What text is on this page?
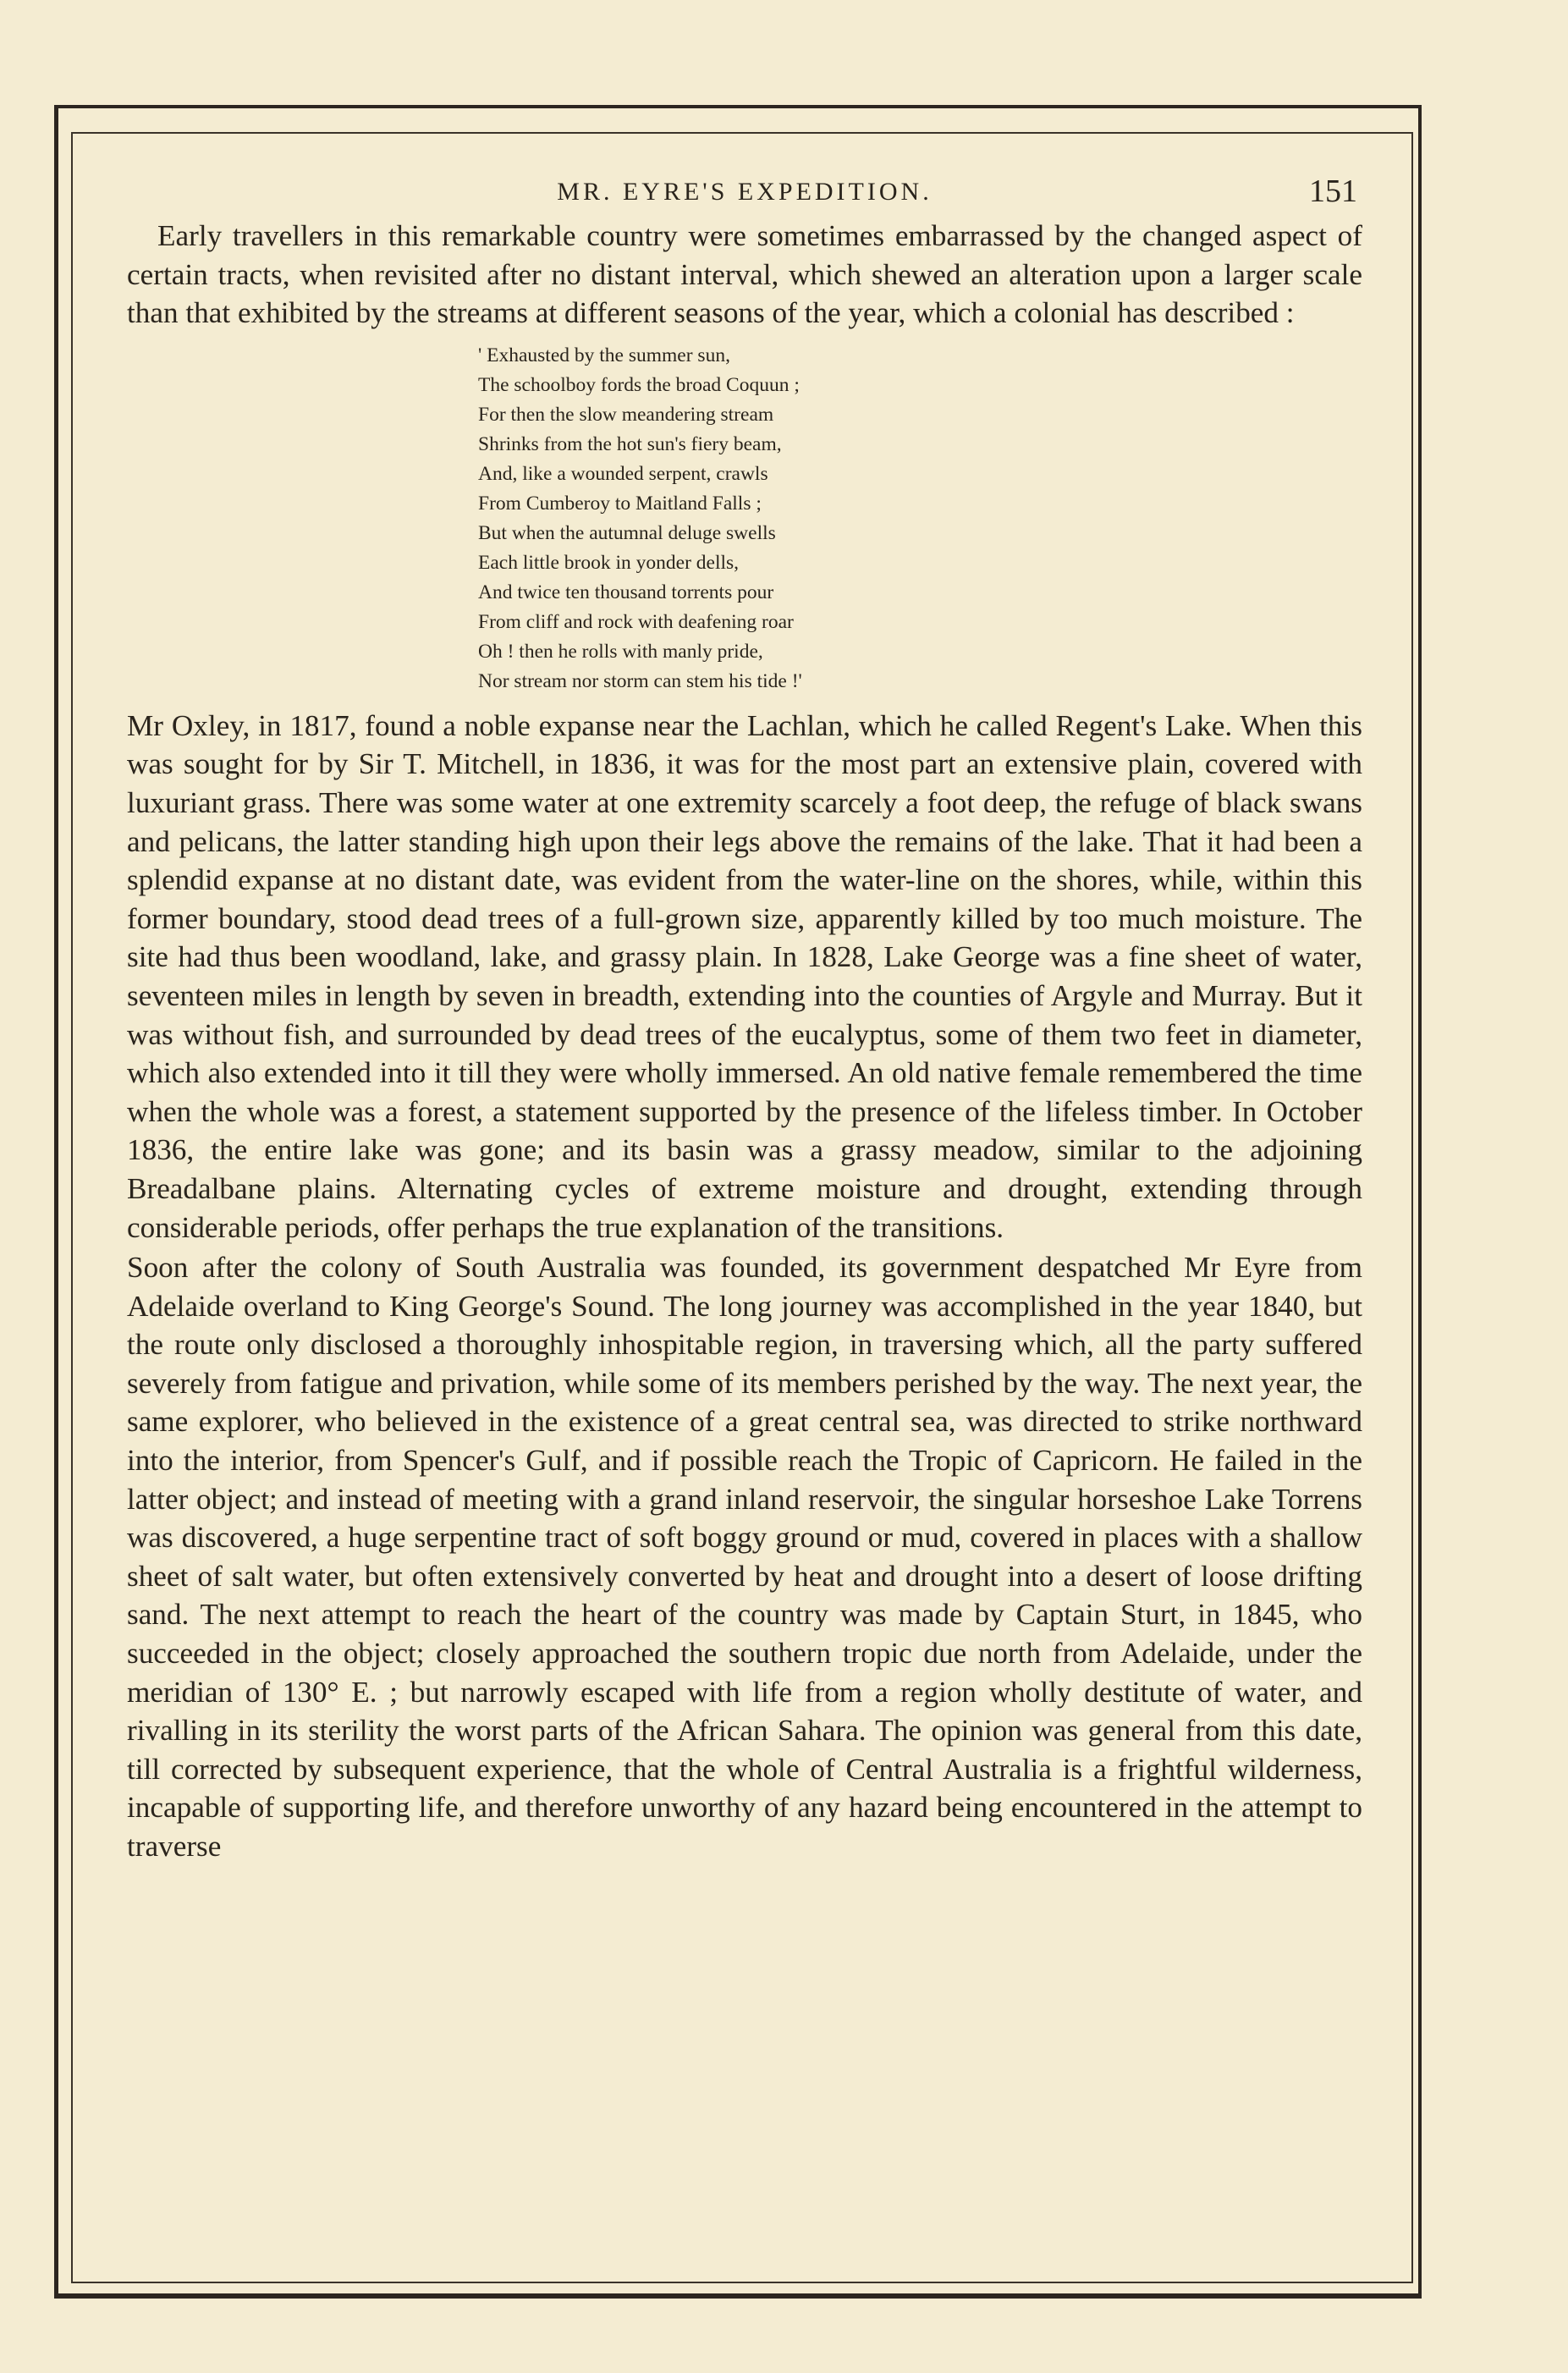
MR. EYRE'S EXPEDITION.	151

Early travellers in this remarkable country were sometimes embarrassed by the changed aspect of certain tracts, when revisited after no distant interval, which shewed an alteration upon a larger scale than that exhibited by the streams at different seasons of the year, which a colonial has described :

' Exhausted by the summer sun,
The schoolboy fords the broad Coquun ;
For then the slow meandering stream
Shrinks from the hot sun's fiery beam,
And, like a wounded serpent, crawls
From Cumberoy to Maitland Falls ;
But when the autumnal deluge swells
Each little brook in yonder dells,
And twice ten thousand torrents pour
From cliff and rock with deafening roar
Oh ! then he rolls with manly pride,
Nor stream nor storm can stem his tide !'

Mr Oxley, in 1817, found a noble expanse near the Lachlan, which he called Regent's Lake. When this was sought for by Sir T. Mitchell, in 1836, it was for the most part an extensive plain, covered with luxuriant grass. There was some water at one extremity scarcely a foot deep, the refuge of black swans and pelicans, the latter standing high upon their legs above the remains of the lake. That it had been a splendid expanse at no distant date, was evident from the water-line on the shores, while, within this former boundary, stood dead trees of a full-grown size, apparently killed by too much moisture. The site had thus been woodland, lake, and grassy plain. In 1828, Lake George was a fine sheet of water, seventeen miles in length by seven in breadth, extending into the counties of Argyle and Murray. But it was without fish, and surrounded by dead trees of the eucalyptus, some of them two feet in diameter, which also extended into it till they were wholly immersed. An old native female remembered the time when the whole was a forest, a statement supported by the presence of the lifeless timber. In October 1836, the entire lake was gone; and its basin was a grassy meadow, similar to the adjoining Breadalbane plains. Alternating cycles of extreme moisture and drought, extending through considerable periods, offer perhaps the true explanation of the transitions.

Soon after the colony of South Australia was founded, its government despatched Mr Eyre from Adelaide overland to King George's Sound. The long journey was accomplished in the year 1840, but the route only disclosed a thoroughly inhospitable region, in traversing which, all the party suffered severely from fatigue and privation, while some of its members perished by the way. The next year, the same explorer, who believed in the existence of a great central sea, was directed to strike northward into the interior, from Spencer's Gulf, and if possible reach the Tropic of Capricorn. He failed in the latter object; and instead of meeting with a grand inland reservoir, the singular horseshoe Lake Torrens was discovered, a huge serpentine tract of soft boggy ground or mud, covered in places with a shallow sheet of salt water, but often extensively converted by heat and drought into a desert of loose drifting sand. The next attempt to reach the heart of the country was made by Captain Sturt, in 1845, who succeeded in the object; closely approached the southern tropic due north from Adelaide, under the meridian of 130° E. ; but narrowly escaped with life from a region wholly destitute of water, and rivalling in its sterility the worst parts of the African Sahara. The opinion was general from this date, till corrected by subsequent experience, that the whole of Central Australia is a frightful wilderness, incapable of supporting life, and therefore unworthy of any hazard being encountered in the attempt to traverse
